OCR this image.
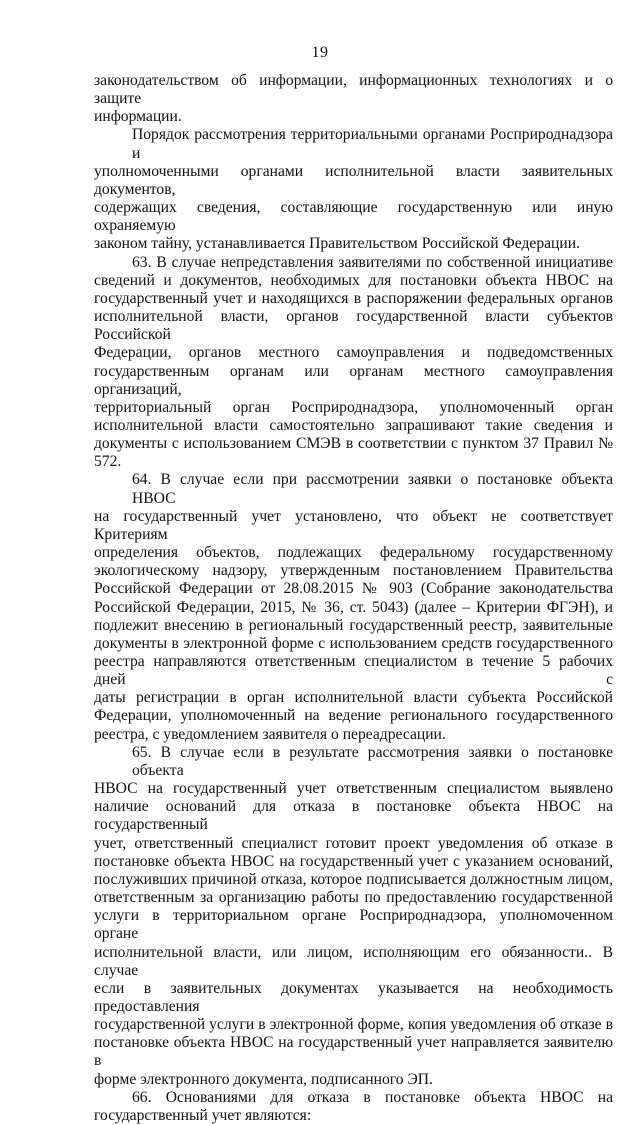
19
законодательством об информации, информационных технологиях и о защите
информации.
Порядок рассмотрения территориальными органами Росприроднадзора и
уполномоченными органами исполнительной власти заявительных документов,
содержащих сведения, составляющие государственную или иную охраняемую
законом тайну, устанавливается Правительством Российской Федерации.
63. В случае непредставления заявителями по собственной инициативе
сведений и документов, необходимых для постановки объекта НВОС на
государственный учет и находящихся в распоряжении федеральных органов
исполнительной власти, органов государственной власти субъектов Российской
Федерации, органов местного самоуправления и подведомственных
государственным органам или органам местного самоуправления организаций,
территориальный орган Росприроднадзора, уполномоченный орган
исполнительной власти самостоятельно запрашивают такие сведения и
документы с использованием СМЭВ в соответствии с пунктом 37 Правил №
572.
64. В случае если при рассмотрении заявки о постановке объекта НВОС
на государственный учет установлено, что объект не соответствует Критериям
определения объектов, подлежащих федеральному государственному
экологическому надзору, утвержденным постановлением Правительства
Российской Федерации от 28.08.2015 № 903 (Собрание законодательства
Российской Федерации, 2015, № 36, ст. 5043) (далее – Критерии ФГЭН), и
подлежит внесению в региональный государственный реестр, заявительные
документы в электронной форме с использованием средств государственного
реестра направляются ответственным специалистом в течение 5 рабочих дней с
даты регистрации в орган исполнительной власти субъекта Российской
Федерации, уполномоченный на ведение регионального государственного
реестра, с уведомлением заявителя о переадресации.
65. В случае если в результате рассмотрения заявки о постановке объекта
НВОС на государственный учет ответственным специалистом выявлено
наличие оснований для отказа в постановке объекта НВОС на государственный
учет, ответственный специалист готовит проект уведомления об отказе в
постановке объекта НВОС на государственный учет с указанием оснований,
послуживших причиной отказа, которое подписывается должностным лицом,
ответственным за организацию работы по предоставлению государственной
услуги в территориальном органе Росприроднадзора, уполномоченном органе
исполнительной власти, или лицом, исполняющим его обязанности.. В случае
если в заявительных документах указывается на необходимость предоставления
государственной услуги в электронной форме, копия уведомления об отказе в
постановке объекта НВОС на государственный учет направляется заявителю в
форме электронного документа, подписанного ЭП.
66. Основаниями для отказа в постановке объекта НВОС на
государственный учет являются:
